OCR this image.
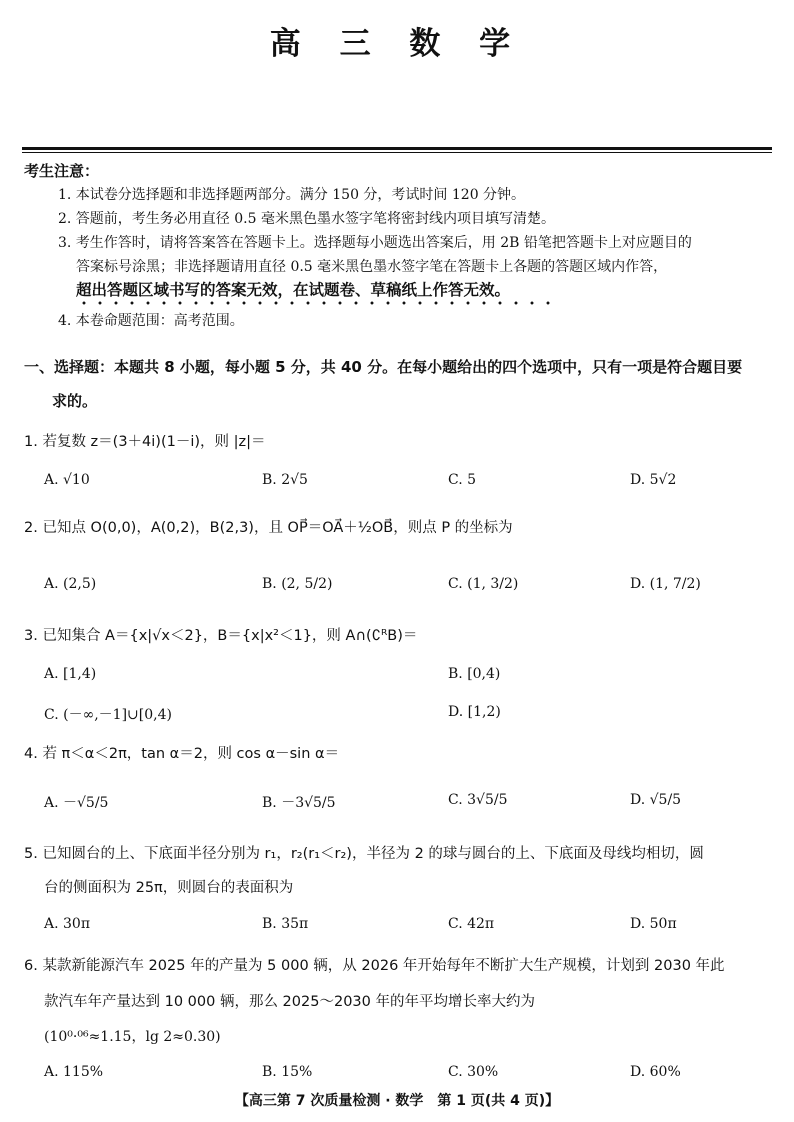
高 三 数 学
考生注意：
1. 本试卷分选择题和非选择题两部分。满分 150 分，考试时间 120 分钟。
2. 答题前，考生务必用直径 0.5 毫米黑色墨水签字笔将密封线内项目填写清楚。
3. 考生作答时，请将答案答在答题卡上。选择题每小题选出答案后，用 2B 铅笔把答题卡上对应题目的
答案标号涂黑；非选择题请用直径 0.5 毫米黑色墨水签字笔在答题卡上各题的答题区域内作答，
超出答题区域书写的答案无效，在试题卷、草稿纸上作答无效。
4. 本卷命题范围：高考范围。
一、选择题：本题共 8 小题，每小题 5 分，共 40 分。在每小题给出的四个选项中，只有一项是符合题目要
求的。
1. 若复数 z＝(3＋4i)(1－i)，则 |z|＝
A. √10	B. 2√5	C. 5	D. 5√2
2. 已知点 O(0,0)，A(0,2)，B(2,3)，且 OP⃗＝OA⃗＋½OB⃗，则点 P 的坐标为
A. (2,5)	B. (2, 5/2)	C. (1, 3/2)	D. (1, 7/2)
3. 已知集合 A＝{x|√x＜2}，B＝{x|x²＜1}，则 A∩(∁ᴿB)＝
A. [1,4)	B. [0,4)
C. (－∞,－1]∪[0,4)	D. [1,2)
4. 若 π＜α＜2π，tan α＝2，则 cos α－sin α＝
A. －√5/5	B. －3√5/5	C. 3√5/5	D. √5/5
5. 已知圆台的上、下底面半径分别为 r₁，r₂(r₁＜r₂)，半径为 2 的球与圆台的上、下底面及母线均相切，圆
台的侧面积为 25π，则圆台的表面积为
A. 30π	B. 35π	C. 42π	D. 50π
6. 某款新能源汽车 2025 年的产量为 5 000 辆，从 2026 年开始每年不断扩大生产规模，计划到 2030 年此
款汽车年产量达到 10 000 辆，那么 2025～2030 年的年平均增长率大约为
(10⁰·⁰⁶≈1.15，lg 2≈0.30)
A. 115%	B. 15%	C. 30%	D. 60%
【高三第 7 次质量检测 · 数学　第 1 页(共 4 页)】
